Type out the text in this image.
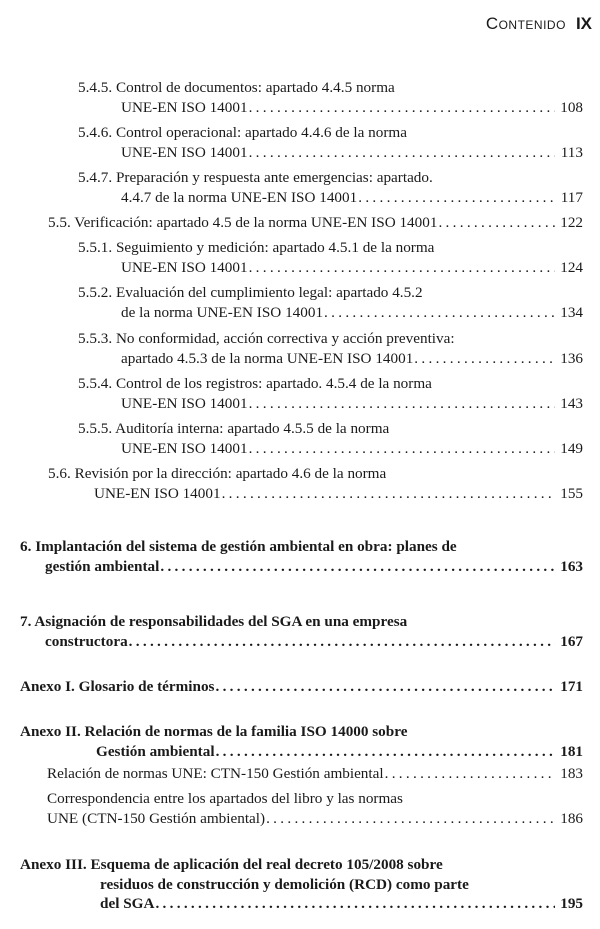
Contenido IX
5.4.5. Control de documentos: apartado 4.4.5 norma
UNE-EN ISO 14001 . . .	108
5.4.6. Control operacional: apartado 4.4.6 de la norma
UNE-EN ISO 14001 . . .	113
5.4.7. Preparación y respuesta ante emergencias: apartado.
4.4.7 de la norma UNE-EN ISO 14001 . . .	117
5.5. Verificación: apartado 4.5 de la norma UNE-EN ISO 14001 . . .	122
5.5.1. Seguimiento y medición: apartado 4.5.1 de la norma
UNE-EN ISO 14001 . . .	124
5.5.2. Evaluación del cumplimiento legal: apartado 4.5.2
de la norma UNE-EN ISO 14001 . . .	134
5.5.3. No conformidad, acción correctiva y acción preventiva:
apartado 4.5.3 de la norma UNE-EN ISO 14001 . . .	136
5.5.4. Control de los registros: apartado. 4.5.4 de la norma
UNE-EN ISO 14001 . . .	143
5.5.5. Auditoría interna: apartado 4.5.5 de la norma
UNE-EN ISO 14001 . . .	149
5.6. Revisión por la dirección: apartado 4.6 de la norma
UNE-EN ISO 14001 . . .	155
6. Implantación del sistema de gestión ambiental en obra: planes de
gestión ambiental . . .	163
7. Asignación de responsabilidades del SGA en una empresa
constructora . . .	167
Anexo I. Glosario de términos . . .	171
Anexo II. Relación de normas de la familia ISO 14000 sobre
Gestión ambiental . . .	181
Relación de normas UNE: CTN-150 Gestión ambiental . . .	183
Correspondencia entre los apartados del libro y las normas
UNE (CTN-150 Gestión ambiental) . . .	186
Anexo III. Esquema de aplicación del real decreto 105/2008 sobre
residuos de construcción y demolición (RCD) como parte
del SGA . . .	195
